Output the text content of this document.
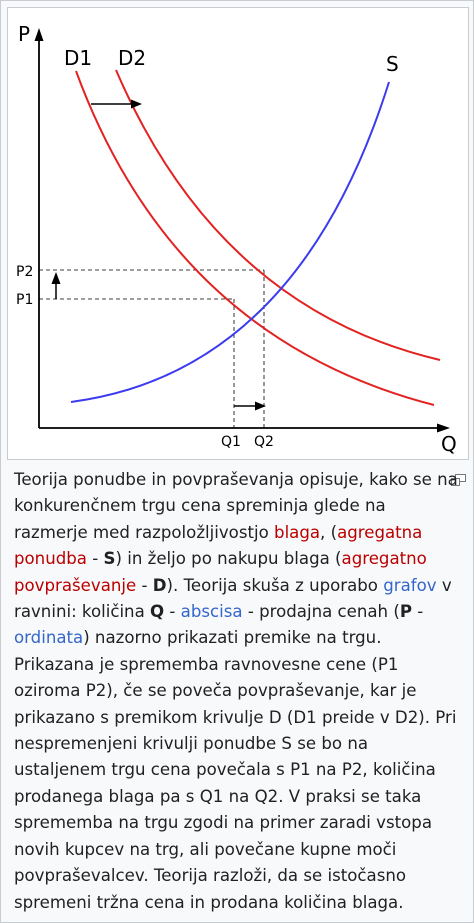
P
Q
D1 D2	S
P2
P1
Q1 Q2
Teorija ponudbe in povpraševanja opisuje, kako se na konkurenčnem trgu cena spreminja glede na razmerje med razpoložljivostjo blaga, (agregatna ponudba - S) in željo po nakupu blaga (agregatno povpraševanje - D). Teorija skuša z uporabo grafov v ravnini: količina Q - abscisa - prodajna cenah (P - ordinata) nazorno prikazati premike na trgu. Prikazana je sprememba ravnovesne cene (P1 oziroma P2), če se poveča povpraševanje, kar je prikazano s premikom krivulje D (D1 preide v D2). Pri nespremenjeni krivulji ponudbe S se bo na ustaljenem trgu cena povečala s P1 na P2, količina prodanega blaga pa s Q1 na Q2. V praksi se taka sprememba na trgu zgodi na primer zaradi vstopa novih kupcev na trg, ali povečane kupne moči povpraševalcev. Teorija razloži, da se istočasno spremeni tržna cena in prodana količina blaga.
